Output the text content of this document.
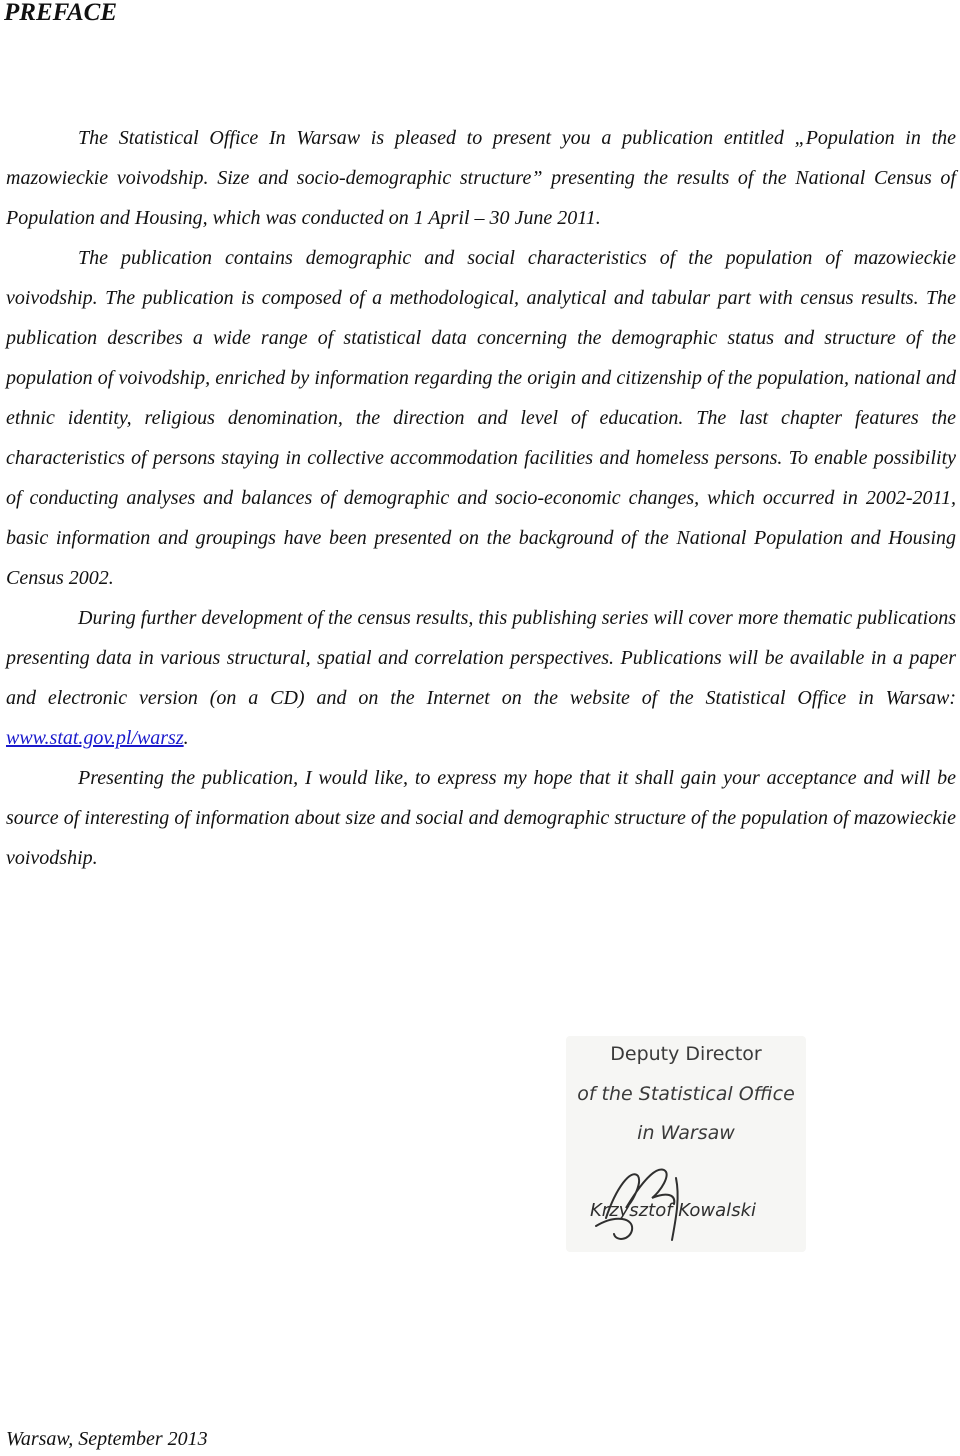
PREFACE

The Statistical Office In Warsaw is pleased to present you a publication entitled „Population in the mazowieckie voivodship. Size and socio-demographic structure” presenting the results of the National Census of Population and Housing, which was conducted on 1 April – 30 June 2011.

The publication contains demographic and social characteristics of the population of mazowieckie voivodship. The publication is composed of a methodological, analytical and tabular part with census results. The publication describes a wide range of statistical data concerning the demographic status and structure of the population of voivodship, enriched by information regarding the origin and citizenship of the population, national and ethnic identity, religious denomination, the direction and level of education. The last chapter features the characteristics of persons staying in collective accommodation facilities and homeless persons. To enable possibility of conducting analyses and balances of demographic and socio-economic changes, which occurred in 2002-2011, basic information and groupings have been presented on the background of the National Population and Housing Census 2002.

During further development of the census results, this publishing series will cover more thematic publications presenting data in various structural, spatial and correlation perspectives. Publications will be available in a paper and electronic version (on a CD) and on the Internet on the website of the Statistical Office in Warsaw: www.stat.gov.pl/warsz.

Presenting the publication, I would like, to express my hope that it shall gain your acceptance and will be source of interesting of information about size and social and demographic structure of the population of mazowieckie voivodship.

Deputy Director
of the Statistical Office
in Warsaw
Krzysztof Kowalski
Warsaw, September 2013
